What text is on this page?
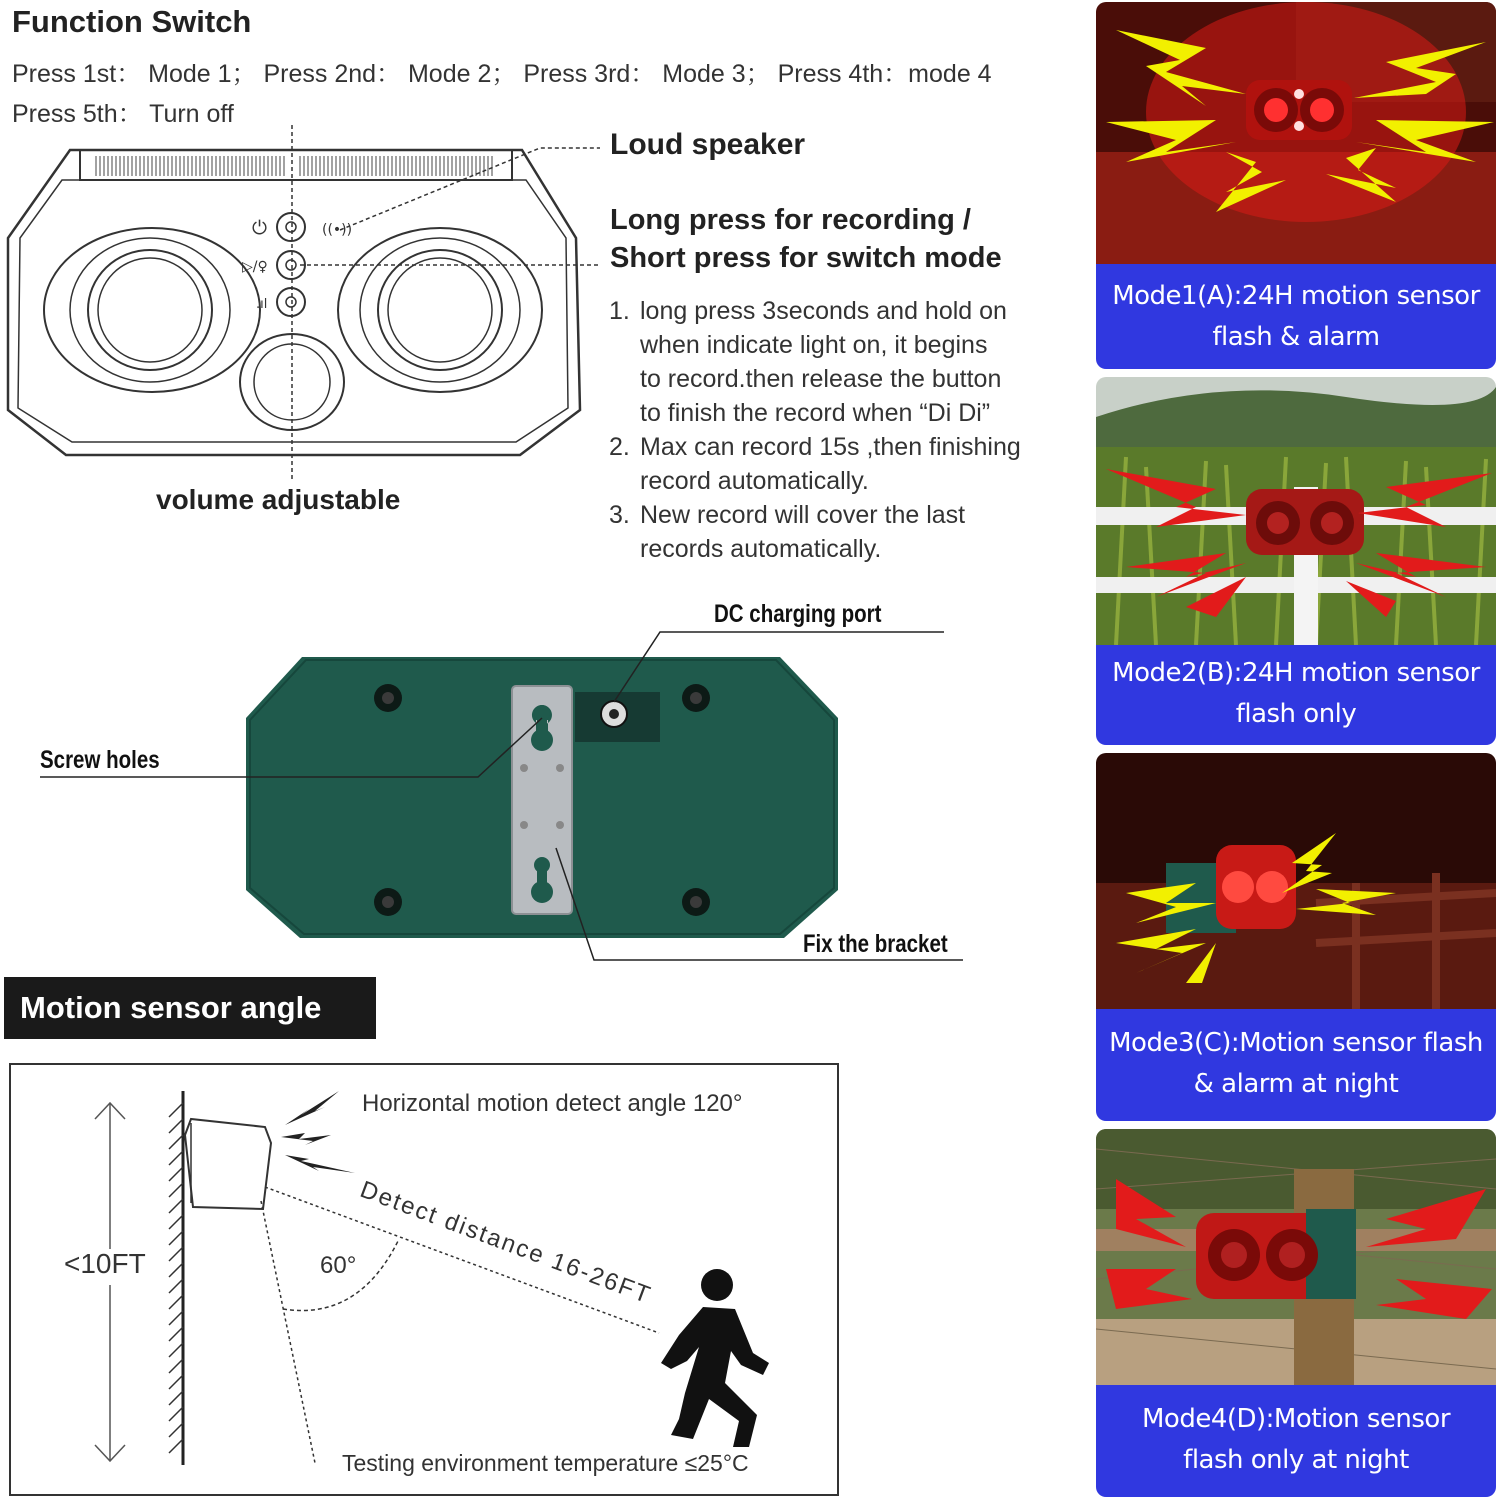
Function Switch
Press 1st： Mode 1； Press 2nd： Mode 2； Press 3rd： Mode 3； Press 4th：mode 4
Press 5th： Turn off
⏻
▷/♀
.ıl
((•))
Loud speaker
Long press for recording /
Short press for switch mode
volume adjustable
1. long press 3seconds and hold on
when indicate light on, it begins
to record.then release the button
to finish the record when “Di Di”
2. Max can record 15s ,then finishing
record automatically.
3. New record will cover the last
records automatically.
DC charging port
Screw holes
Fix the bracket
Motion sensor angle
Horizontal motion detect angle 120°
Detect distance 16-26FT
60°
<10FT
Testing environment temperature ≤25°C
Mode1(A):24H motion sensor
flash & alarm
Mode2(B):24H motion sensor
flash only
Mode3(C):Motion sensor flash
& alarm at night
Mode4(D):Motion sensor
flash only at night
